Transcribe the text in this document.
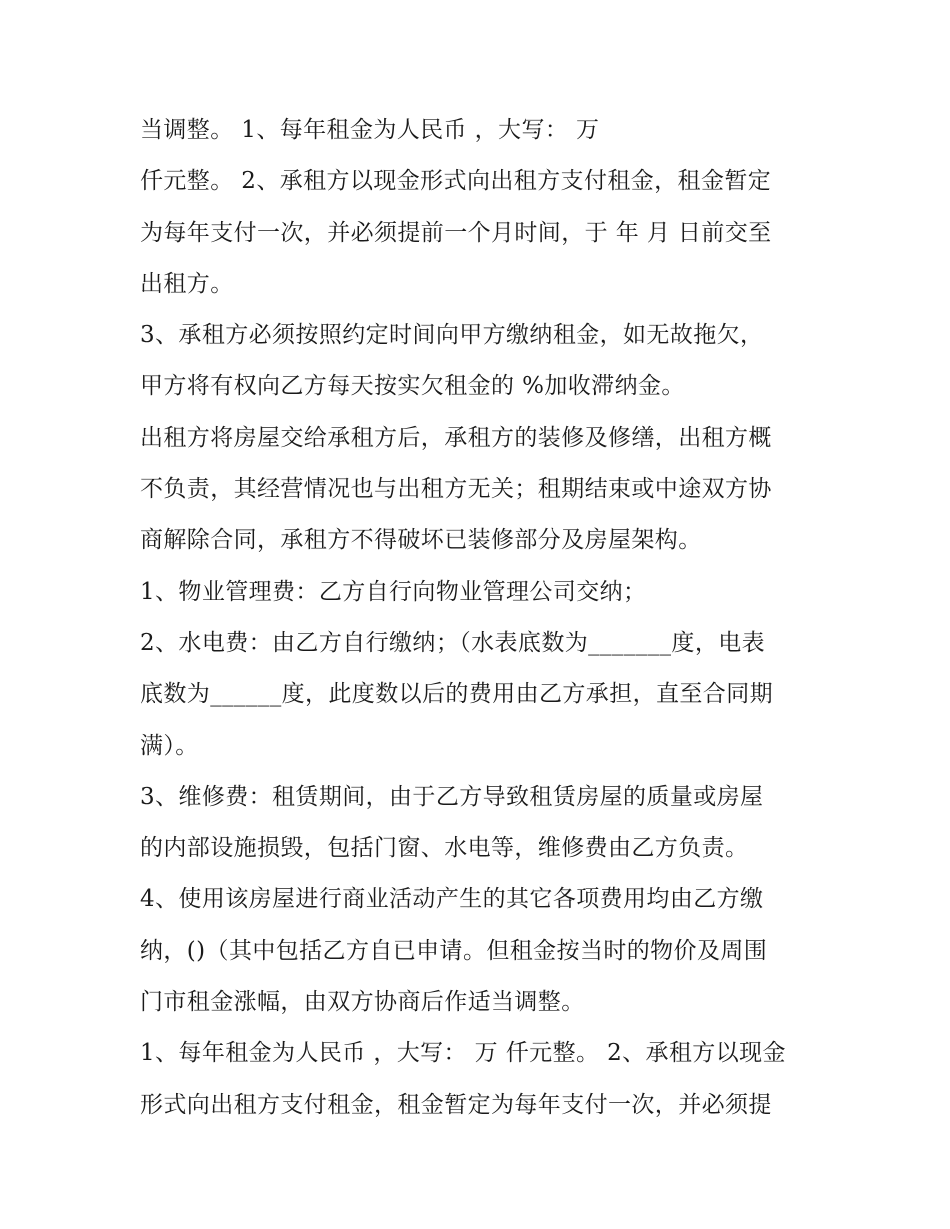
当调整。 1、每年租金为人民币 ，大写： 万
仟元整。 2、承租方以现金形式向出租方支付租金，租金暂定
为每年支付一次，并必须提前一个月时间，于 年 月 日前交至
出租方。
3、承租方必须按照约定时间向甲方缴纳租金，如无故拖欠，
甲方将有权向乙方每天按实欠租金的 %加收滞纳金。
出租方将房屋交给承租方后，承租方的装修及修缮，出租方概
不负责，其经营情况也与出租方无关；租期结束或中途双方协
商解除合同，承租方不得破坏已装修部分及房屋架构。
1、物业管理费：乙方自行向物业管理公司交纳；
2、水电费：由乙方自行缴纳；（水表底数为_______度，电表
底数为______度，此度数以后的费用由乙方承担，直至合同期
满）。
3、维修费：租赁期间，由于乙方导致租赁房屋的质量或房屋
的内部设施损毁，包括门窗、水电等，维修费由乙方负责。
4、使用该房屋进行商业活动产生的其它各项费用均由乙方缴
纳，()（其中包括乙方自已申请。但租金按当时的物价及周围
门市租金涨幅，由双方协商后作适当调整。
1、每年租金为人民币 ，大写： 万 仟元整。 2、承租方以现金
形式向出租方支付租金，租金暂定为每年支付一次，并必须提
